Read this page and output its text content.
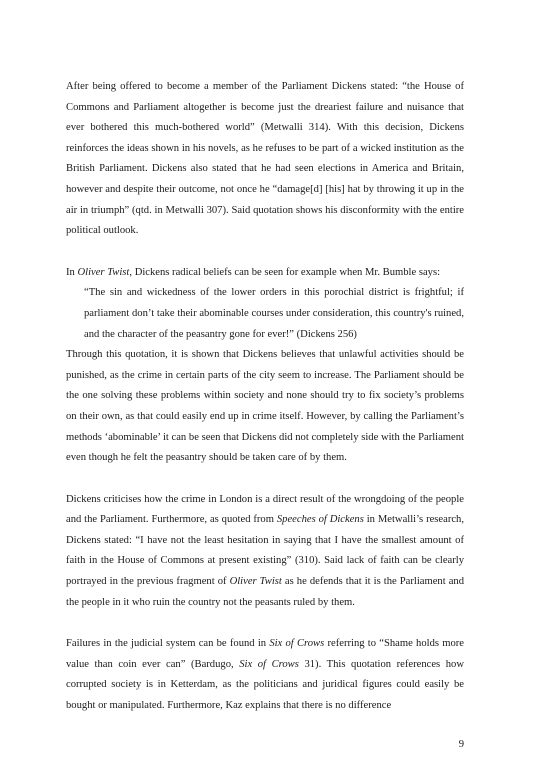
After being offered to become a member of the Parliament Dickens stated: “the House of Commons and Parliament altogether is become just the dreariest failure and nuisance that ever bothered this much-bothered world” (Metwalli 314). With this decision, Dickens reinforces the ideas shown in his novels, as he refuses to be part of a wicked institution as the British Parliament. Dickens also stated that he had seen elections in America and Britain, however and despite their outcome, not once he “damage[d] [his] hat by throwing it up in the air in triumph” (qtd. in Metwalli 307). Said quotation shows his disconformity with the entire political outlook.

In Oliver Twist, Dickens radical beliefs can be seen for example when Mr. Bumble says:

“The sin and wickedness of the lower orders in this porochial district is frightful; if parliament don’t take their abominable courses under consideration, this country's ruined, and the character of the peasantry gone for ever!” (Dickens 256)

Through this quotation, it is shown that Dickens believes that unlawful activities should be punished, as the crime in certain parts of the city seem to increase. The Parliament should be the one solving these problems within society and none should try to fix society’s problems on their own, as that could easily end up in crime itself. However, by calling the Parliament’s methods ‘abominable’ it can be seen that Dickens did not completely side with the Parliament even though he felt the peasantry should be taken care of by them.

Dickens criticises how the crime in London is a direct result of the wrongdoing of the people and the Parliament. Furthermore, as quoted from Speeches of Dickens in Metwalli’s research, Dickens stated: “I have not the least hesitation in saying that I have the smallest amount of faith in the House of Commons at present existing” (310). Said lack of faith can be clearly portrayed in the previous fragment of Oliver Twist as he defends that it is the Parliament and the people in it who ruin the country not the peasants ruled by them.

Failures in the judicial system can be found in Six of Crows referring to “Shame holds more value than coin ever can” (Bardugo, Six of Crows 31). This quotation references how corrupted society is in Ketterdam, as the politicians and juridical figures could easily be bought or manipulated. Furthermore, Kaz explains that there is no difference

9
